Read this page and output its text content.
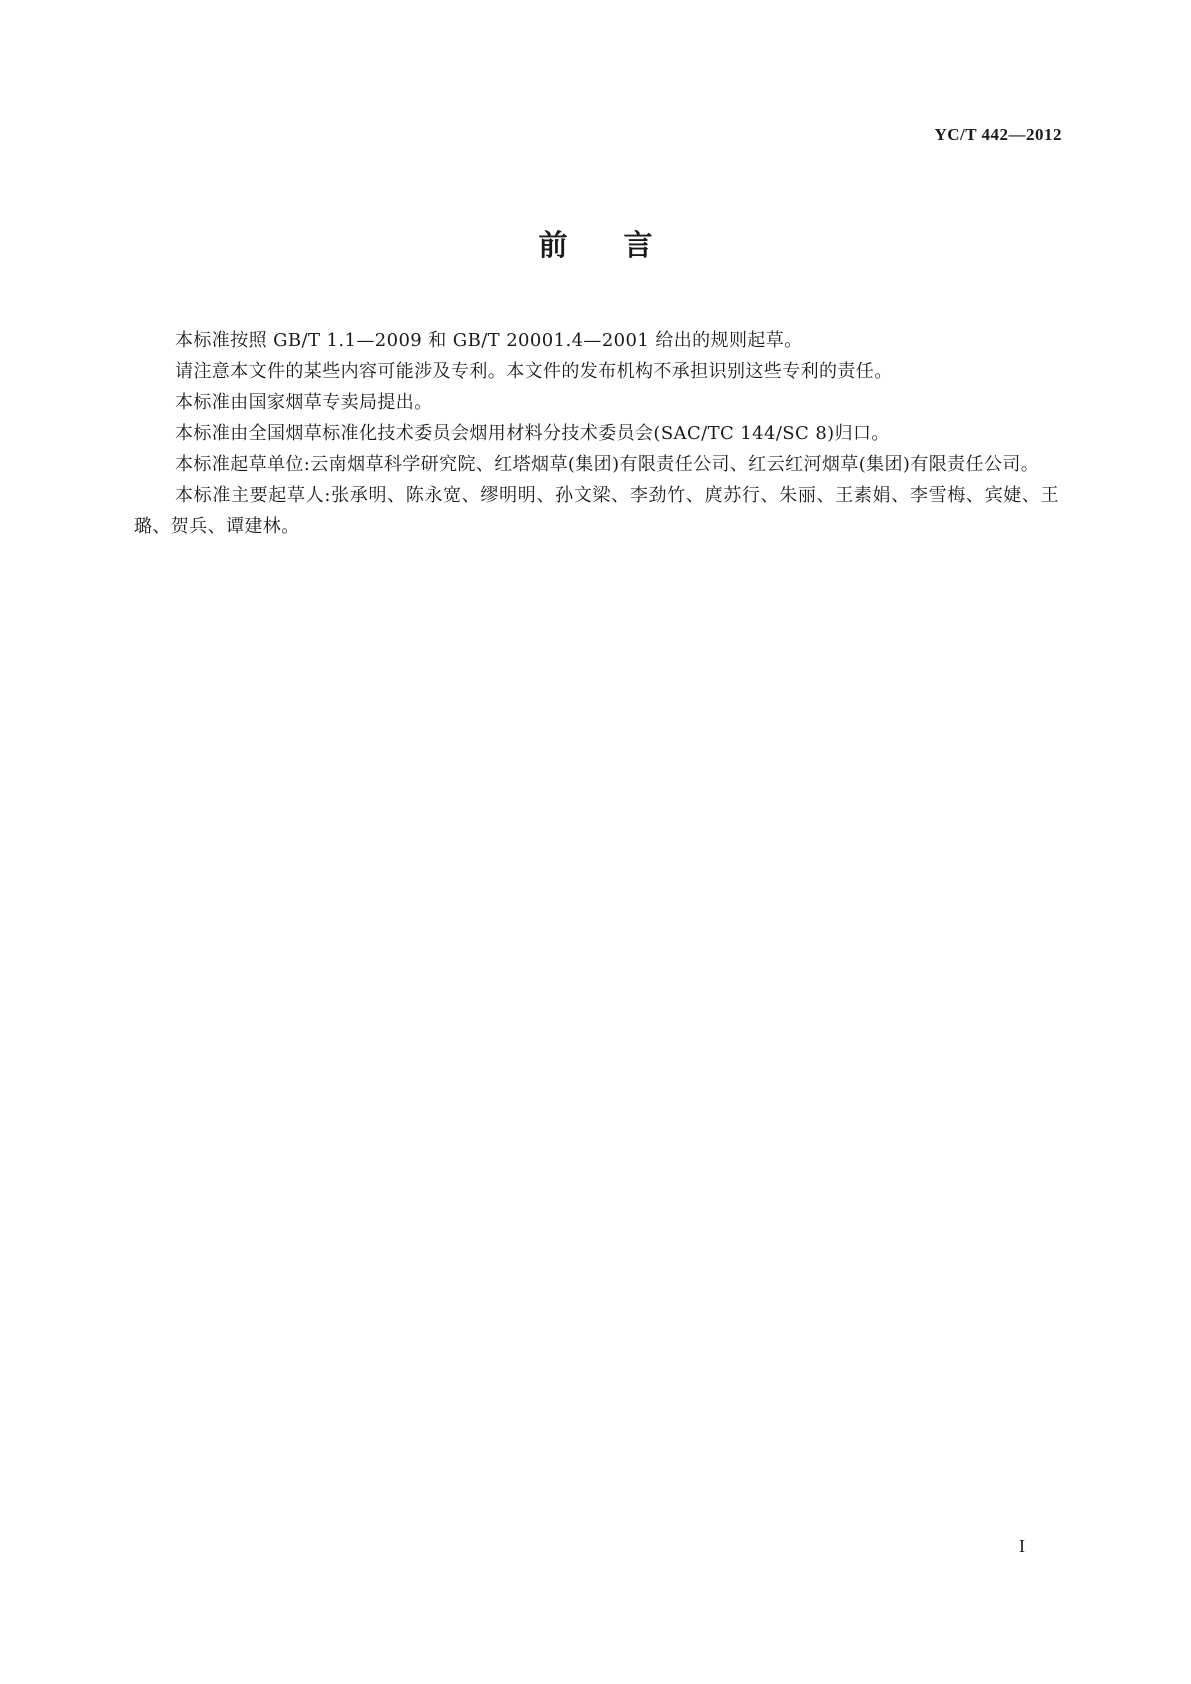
YC/T 442—2012
前言

本标准按照 GB/T 1.1—2009 和 GB/T 20001.4—2001 给出的规则起草。

请注意本文件的某些内容可能涉及专利。本文件的发布机构不承担识别这些专利的责任。

本标准由国家烟草专卖局提出。

本标准由全国烟草标准化技术委员会烟用材料分技术委员会(SAC/TC 144/SC 8)归口。

本标准起草单位:云南烟草科学研究院、红塔烟草(集团)有限责任公司、红云红河烟草(集团)有限责任公司。

本标准主要起草人:张承明、陈永宽、缪明明、孙文梁、李劲竹、庹苏行、朱丽、王素娟、李雪梅、宾婕、王璐、贺兵、谭建林。

I
